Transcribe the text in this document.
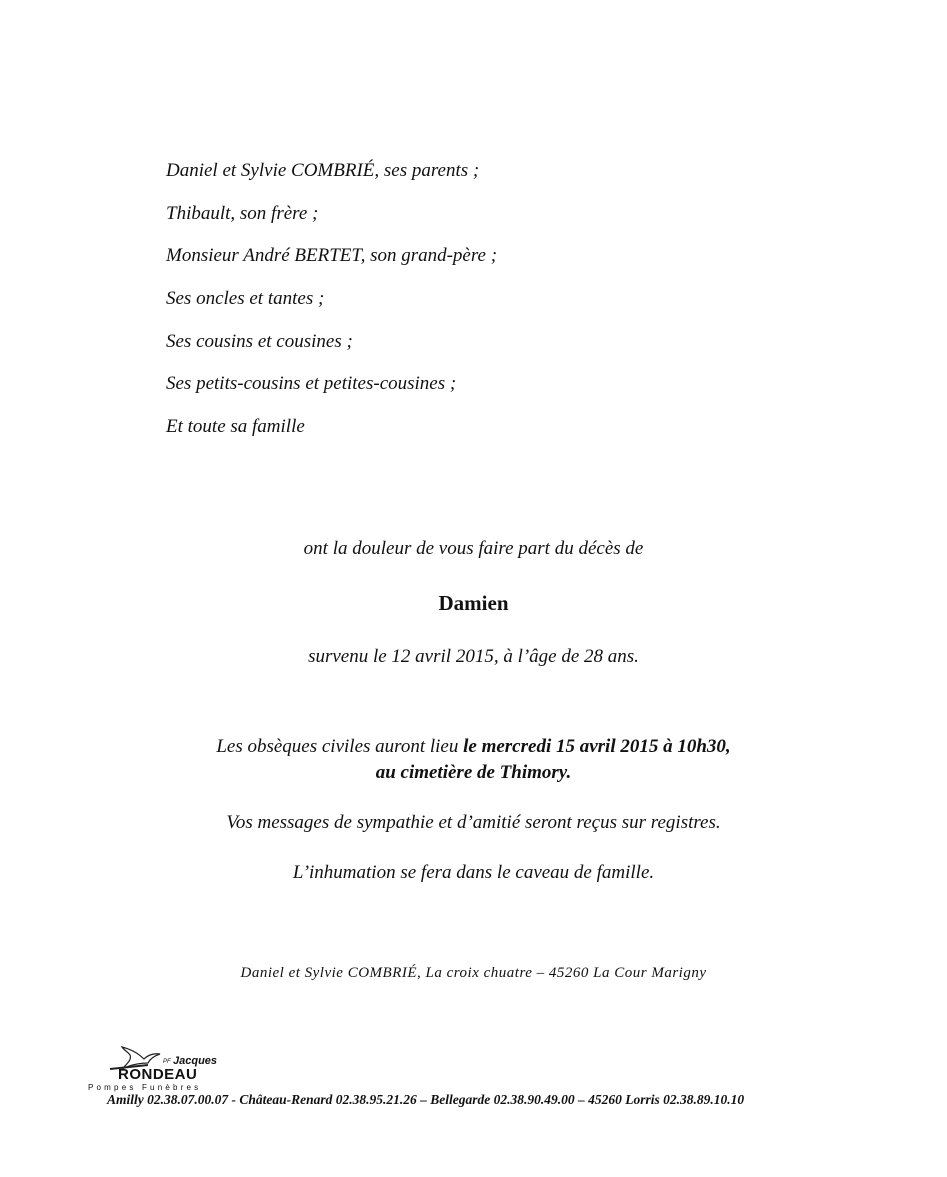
Daniel et Sylvie COMBRIÉ, ses parents ;
Thibault, son frère ;
Monsieur André BERTET, son grand-père ;
Ses oncles et tantes ;
Ses cousins et cousines ;
Ses petits-cousins et petites-cousines ;
Et toute sa famille
ont la douleur de vous faire part du décès de
Damien
survenu le 12 avril 2015, à l’âge de 28 ans.
Les obsèques civiles auront lieu le mercredi 15 avril 2015 à 10h30,
au cimetière de Thimory.
Vos messages de sympathie et d’amitié seront reçus sur registres.
L’inhumation se fera dans le caveau de famille.
Daniel et Sylvie COMBRIÉ, La croix chuatre – 45260 La Cour Marigny
PF Jacques
RONDEAU
Pompes Funèbres
Amilly 02.38.07.00.07 - Château-Renard 02.38.95.21.26 – Bellegarde 02.38.90.49.00 – 45260 Lorris 02.38.89.10.10
